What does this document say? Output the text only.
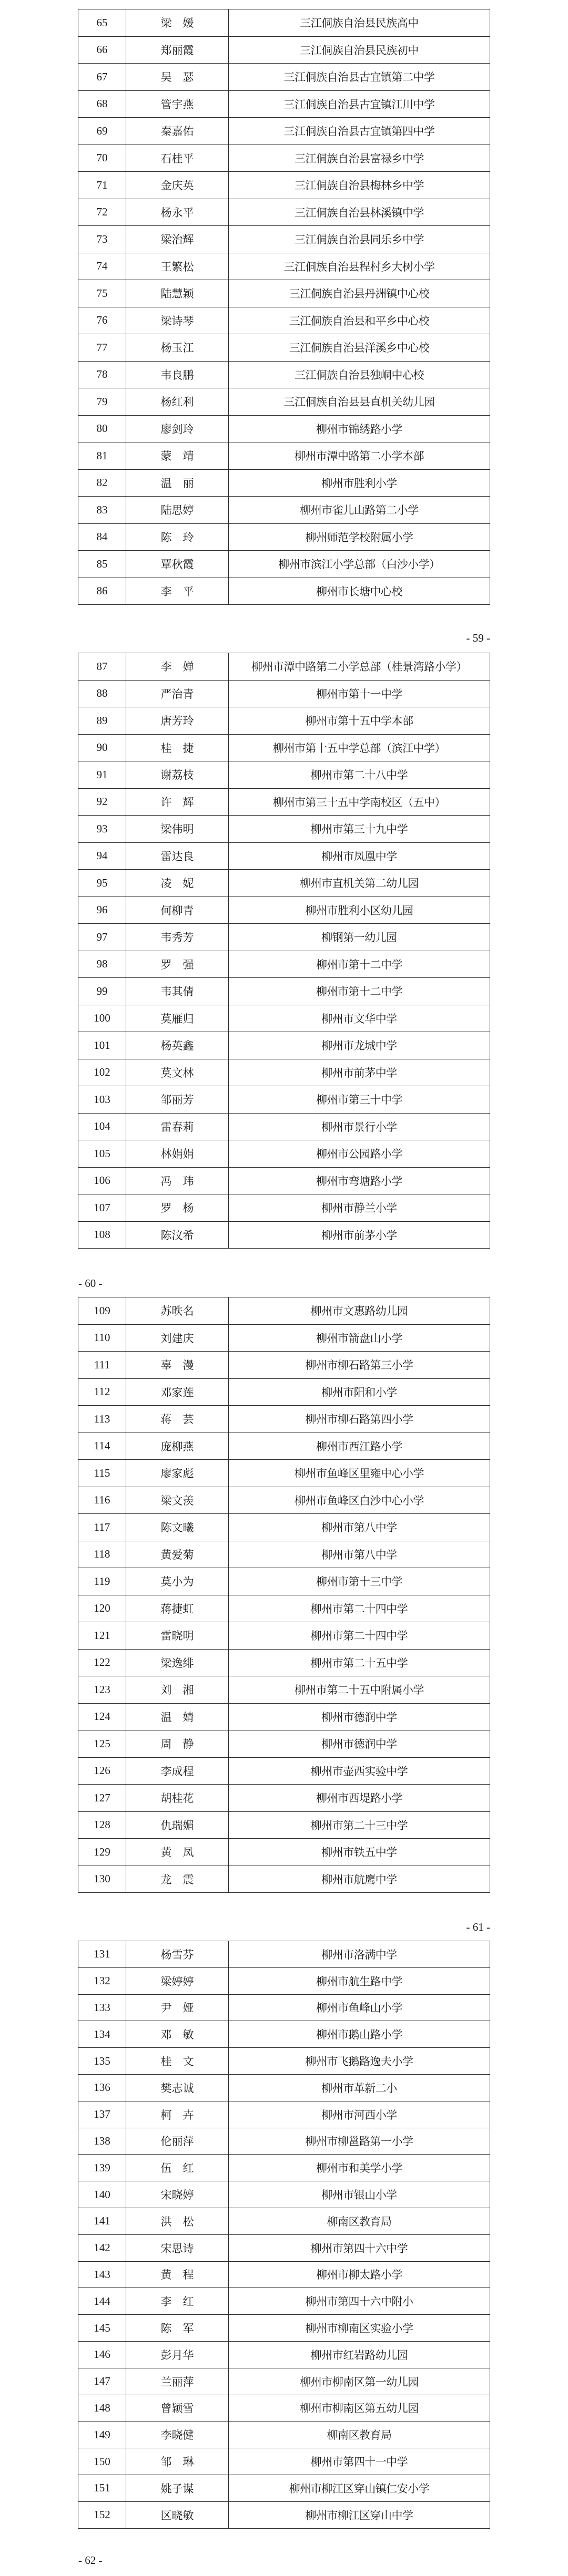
65	梁　媛	三江侗族自治县民族高中
66	郑丽霞	三江侗族自治县民族初中
67	吴　瑟	三江侗族自治县古宜镇第二中学
68	管宇燕	三江侗族自治县古宜镇江川中学
69	秦嘉佑	三江侗族自治县古宜镇第四中学
70	石桂平	三江侗族自治县富禄乡中学
71	金庆英	三江侗族自治县梅林乡中学
72	杨永平	三江侗族自治县林溪镇中学
73	梁治辉	三江侗族自治县同乐乡中学
74	王繁松	三江侗族自治县程村乡大树小学
75	陆慧颖	三江侗族自治县丹洲镇中心校
76	梁诗琴	三江侗族自治县和平乡中心校
77	杨玉江	三江侗族自治县洋溪乡中心校
78	韦良鹏	三江侗族自治县独峒中心校
79	杨红利	三江侗族自治县县直机关幼儿园
80	廖剑玲	柳州市锦绣路小学
81	蒙　靖	柳州市潭中路第二小学本部
82	温　丽	柳州市胜利小学
83	陆思婷	柳州市雀儿山路第二小学
84	陈　玲	柳州师范学校附属小学
85	覃秋霞	柳州市滨江小学总部（白沙小学）
86	李　平	柳州市长塘中心校
- 59 -
87	李　婵	柳州市潭中路第二小学总部（桂景湾路小学）
88	严治青	柳州市第十一中学
89	唐芳玲	柳州市第十五中学本部
90	桂　捷	柳州市第十五中学总部（滨江中学）
91	谢荔枝	柳州市第二十八中学
92	许　辉	柳州市第三十五中学南校区（五中）
93	梁伟明	柳州市第三十九中学
94	雷达良	柳州市凤凰中学
95	凌　妮	柳州市直机关第二幼儿园
96	何柳青	柳州市胜利小区幼儿园
97	韦秀芳	柳钢第一幼儿园
98	罗　强	柳州市第十二中学
99	韦其倩	柳州市第十二中学
100	莫雁归	柳州市文华中学
101	杨英鑫	柳州市龙城中学
102	莫文林	柳州市前茅中学
103	邹丽芳	柳州市第三十中学
104	雷春莉	柳州市景行小学
105	林娟娟	柳州市公园路小学
106	冯　玮	柳州市弯塘路小学
107	罗　杨	柳州市静兰小学
108	陈汶希	柳州市前茅小学
- 60 -
109	苏昳名	柳州市文惠路幼儿园
110	刘建庆	柳州市箭盘山小学
111	辜　漫	柳州市柳石路第三小学
112	邓家莲	柳州市阳和小学
113	蒋　芸	柳州市柳石路第四小学
114	庞柳燕	柳州市西江路小学
115	廖家彪	柳州市鱼峰区里雍中心小学
116	梁文羡	柳州市鱼峰区白沙中心小学
117	陈文曦	柳州市第八中学
118	黄爱菊	柳州市第八中学
119	莫小为	柳州市第十三中学
120	蒋捷虹	柳州市第二十四中学
121	雷晓明	柳州市第二十四中学
122	梁逸绯	柳州市第二十五中学
123	刘　湘	柳州市第二十五中附属小学
124	温　婧	柳州市德润中学
125	周　静	柳州市德润中学
126	李成程	柳州市壶西实验中学
127	胡桂花	柳州市西堤路小学
128	仇瑞媚	柳州市第二十三中学
129	黄　凤	柳州市铁五中学
130	龙　震	柳州市航鹰中学
- 61 -
131	杨雪芬	柳州市洛满中学
132	梁婷婷	柳州市航生路中学
133	尹　娅	柳州市鱼峰山小学
134	邓　敏	柳州市鹅山路小学
135	桂　文	柳州市飞鹅路逸夫小学
136	樊志诚	柳州市革新二小
137	柯　卉	柳州市河西小学
138	伦丽萍	柳州市柳邕路第一小学
139	伍　红	柳州市和美学小学
140	宋晓婷	柳州市银山小学
141	洪　松	柳南区教育局
142	宋思诗	柳州市第四十六中学
143	黄　程	柳州市柳太路小学
144	李　红	柳州市第四十六中附小
145	陈　军	柳州市柳南区实验小学
146	彭月华	柳州市红岩路幼儿园
147	兰丽萍	柳州市柳南区第一幼儿园
148	曾颖雪	柳州市柳南区第五幼儿园
149	李晓健	柳南区教育局
150	邹　琳	柳州市第四十一中学
151	姚子谋	柳州市柳江区穿山镇仁安小学
152	区晓敏	柳州市柳江区穿山中学
- 62 -
